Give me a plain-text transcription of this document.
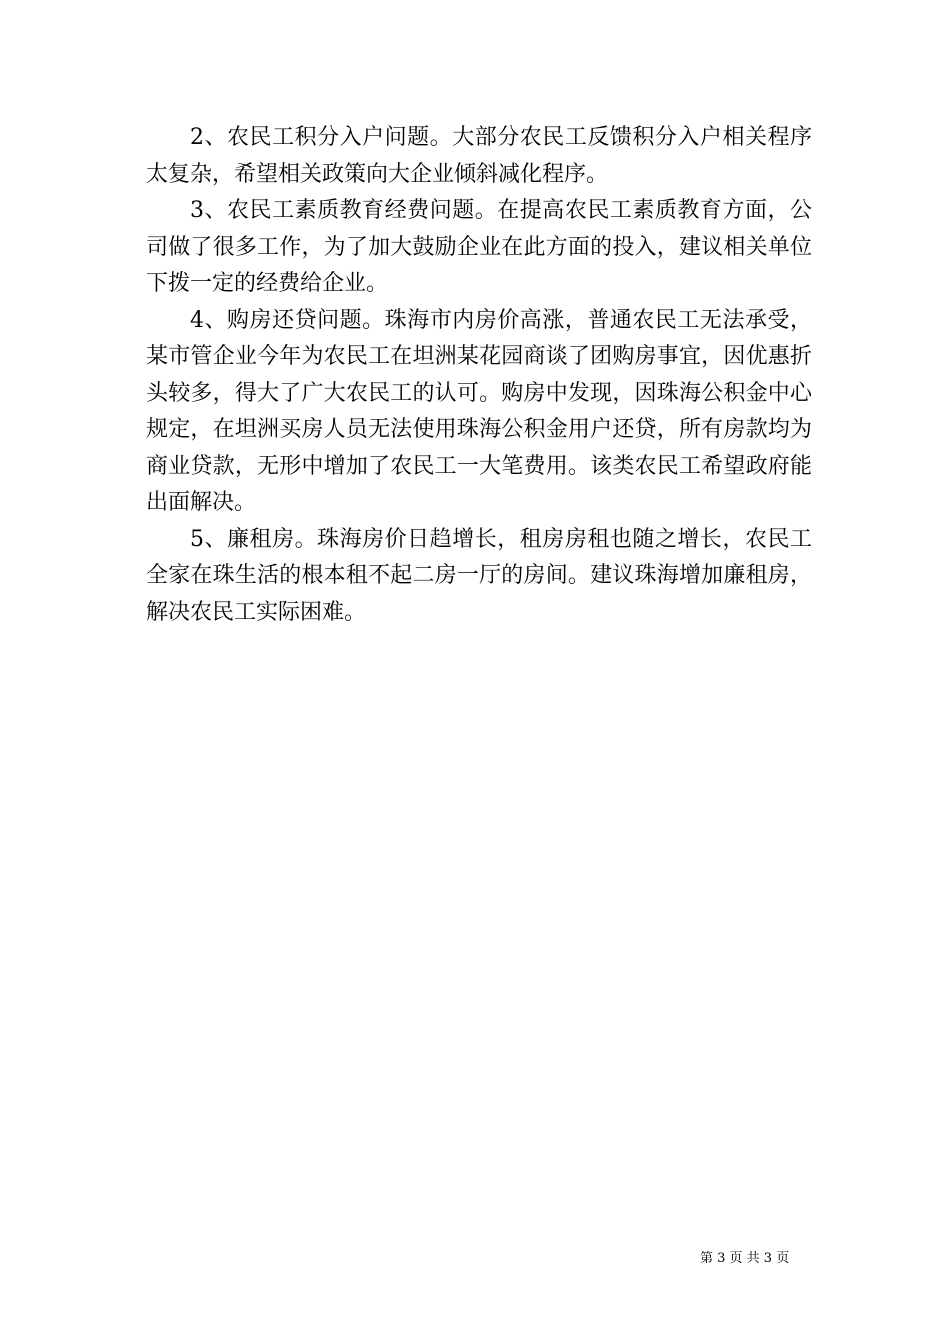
2、农民工积分入户问题。大部分农民工反馈积分入户相关程序太复杂，希望相关政策向大企业倾斜减化程序。

3、农民工素质教育经费问题。在提高农民工素质教育方面，公司做了很多工作，为了加大鼓励企业在此方面的投入，建议相关单位下拨一定的经费给企业。

4、购房还贷问题。珠海市内房价高涨，普通农民工无法承受，某市管企业今年为农民工在坦洲某花园商谈了团购房事宜，因优惠折头较多，得大了广大农民工的认可。购房中发现，因珠海公积金中心规定，在坦洲买房人员无法使用珠海公积金用户还贷，所有房款均为商业贷款，无形中增加了农民工一大笔费用。该类农民工希望政府能出面解决。

5、廉租房。珠海房价日趋增长，租房房租也随之增长，农民工全家在珠生活的根本租不起二房一厅的房间。建议珠海增加廉租房，解决农民工实际困难。

第 3 页 共 3 页
